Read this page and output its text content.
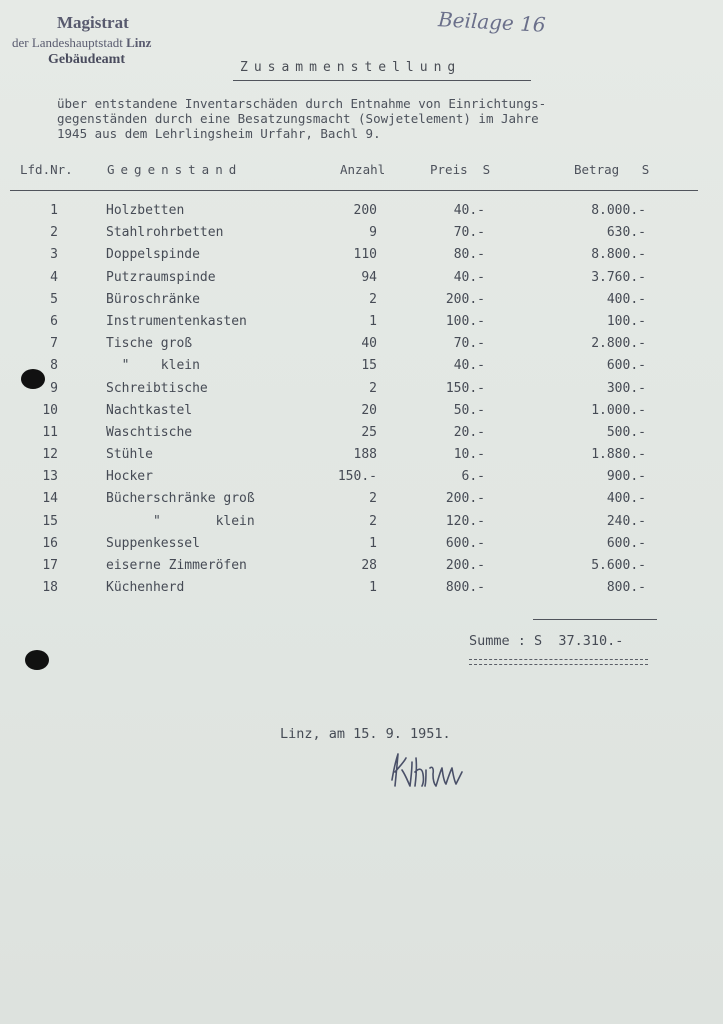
Magistrat
der Landeshauptstadt Linz
Gebäudeamt
Beilage 16
Zusammenstellung
über entstandene Inventarschäden durch Entnahme von Einrichtungs-
gegenständen durch eine Besatzungsmacht (Sowjetelement) im Jahre
1945 aus dem Lehrlingsheim Urfahr, Bachl 9.
Lfd.Nr.	Gegenstand	Anzahl	Preis  S	Betrag   S
1	Holzbetten	200	40.-	8.000.-
2	Stahlrohrbetten	9	70.-	630.-
3	Doppelspinde	110	80.-	8.800.-
4	Putzraumspinde	94	40.-	3.760.-
5	Büroschränke	2	200.-	400.-
6	Instrumentenkasten	1	100.-	100.-
7	Tische groß	40	70.-	2.800.-
8	"    klein	15	40.-	600.-
9	Schreibtische	2	150.-	300.-
10	Nachtkastel	20	50.-	1.000.-
11	Waschtische	25	20.-	500.-
12	Stühle	188	10.-	1.880.-
13	Hocker	150.-	6.-	900.-
14	Bücherschränke groß	2	200.-	400.-
15	"       klein	2	120.-	240.-
16	Suppenkessel	1	600.-	600.-
17	eiserne Zimmeröfen	28	200.-	5.600.-
18	Küchenherd	1	800.-	800.-
Summe : S  37.310.-
Linz, am 15. 9. 1951.
